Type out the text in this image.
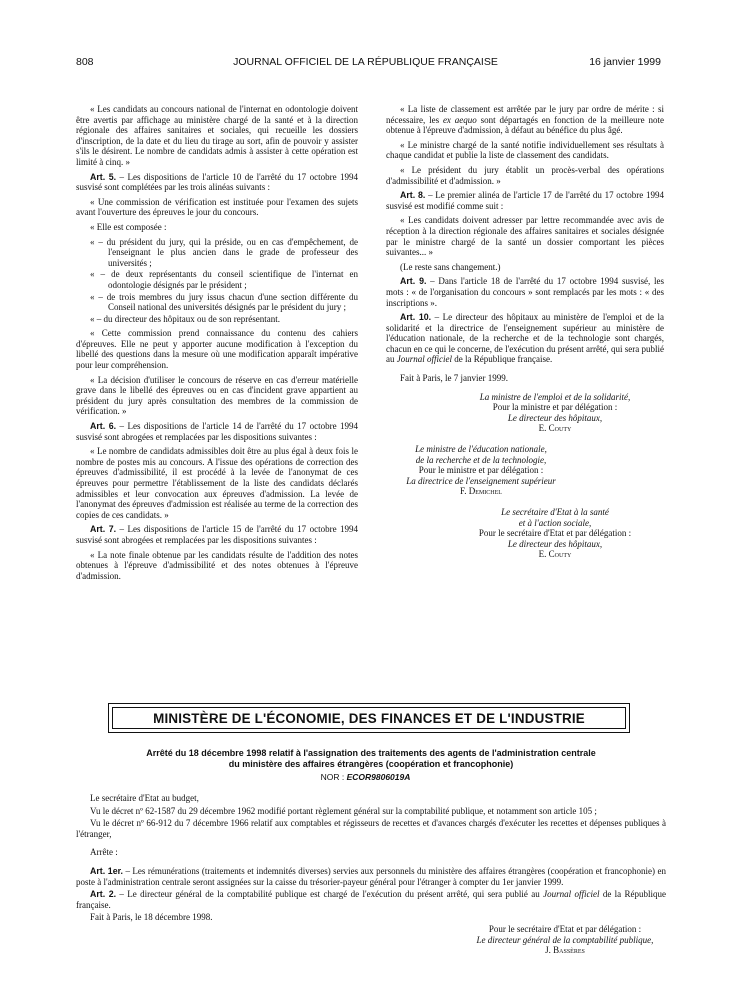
808	JOURNAL OFFICIEL DE LA RÉPUBLIQUE FRANÇAISE	16 janvier 1999

« Les candidats au concours national de l'internat en odontologie doivent être avertis par affichage au ministère chargé de la santé et à la direction régionale des affaires sanitaires et sociales, qui recueille les dossiers d'inscription, de la date et du lieu du tirage au sort, afin de pouvoir y assister s'ils le désirent. Le nombre de candidats admis à assister à cette opération est limité à cinq. »

Art. 5. – Les dispositions de l'article 10 de l'arrêté du 17 octobre 1994 susvisé sont complétées par les trois alinéas suivants :

« Une commission de vérification est instituée pour l'examen des sujets avant l'ouverture des épreuves le jour du concours.

« Elle est composée :

« – du président du jury, qui la préside, ou en cas d'empêchement, de l'enseignant le plus ancien dans le grade de professeur des universités ;
« – de deux représentants du conseil scientifique de l'internat en odontologie désignés par le président ;
« – de trois membres du jury issus chacun d'une section différente du Conseil national des universités désignés par le président du jury ;
« – du directeur des hôpitaux ou de son représentant.

« Cette commission prend connaissance du contenu des cahiers d'épreuves. Elle ne peut y apporter aucune modification à l'exception du libellé des questions dans la mesure où une modification apparaît impérative pour leur compréhension.

« La décision d'utiliser le concours de réserve en cas d'erreur matérielle grave dans le libellé des épreuves ou en cas d'incident grave appartient au président du jury après consultation des membres de la commission de vérification. »

Art. 6. – Les dispositions de l'article 14 de l'arrêté du 17 octobre 1994 susvisé sont abrogées et remplacées par les dispositions suivantes :

« Le nombre de candidats admissibles doit être au plus égal à deux fois le nombre de postes mis au concours. A l'issue des opérations de correction des épreuves d'admissibilité, il est procédé à la levée de l'anonymat de ces épreuves pour permettre l'établissement de la liste des candidats déclarés admissibles et leur convocation aux épreuves d'admission. La levée de l'anonymat des épreuves d'admission est réalisée au terme de la correction des copies de ces candidats. »

Art. 7. – Les dispositions de l'article 15 de l'arrêté du 17 octobre 1994 susvisé sont abrogées et remplacées par les dispositions suivantes :

« La note finale obtenue par les candidats résulte de l'addition des notes obtenues à l'épreuve d'admissibilité et des notes obtenues à l'épreuve d'admission.

« La liste de classement est arrêtée par le jury par ordre de mérite : si nécessaire, les ex aequo sont départagés en fonction de la meilleure note obtenue à l'épreuve d'admission, à défaut au bénéfice du plus âgé.

« Le ministre chargé de la santé notifie individuellement ses résultats à chaque candidat et publie la liste de classement des candidats.

« Le président du jury établit un procès-verbal des opérations d'admissibilité et d'admission. »

Art. 8. – Le premier alinéa de l'article 17 de l'arrêté du 17 octobre 1994 susvisé est modifié comme suit :

« Les candidats doivent adresser par lettre recommandée avec avis de réception à la direction régionale des affaires sanitaires et sociales désignée par le ministre chargé de la santé un dossier comportant les pièces suivantes... »

(Le reste sans changement.)

Art. 9. – Dans l'article 18 de l'arrêté du 17 octobre 1994 susvisé, les mots : « de l'organisation du concours » sont remplacés par les mots : « des inscriptions ».

Art. 10. – Le directeur des hôpitaux au ministère de l'emploi et de la solidarité et la directrice de l'enseignement supérieur au ministère de l'éducation nationale, de la recherche et de la technologie sont chargés, chacun en ce qui le concerne, de l'exécution du présent arrêté, qui sera publié au Journal officiel de la République française.

Fait à Paris, le 7 janvier 1999.

La ministre de l'emploi et de la solidarité,
Pour la ministre et par délégation :
Le directeur des hôpitaux,
E. Couty
Le ministre de l'éducation nationale,
de la recherche et de la technologie,
Pour le ministre et par délégation :
La directrice de l'enseignement supérieur
F. Demichel
Le secrétaire d'Etat à la santé
et à l'action sociale,
Pour le secrétaire d'Etat et par délégation :
Le directeur des hôpitaux,
E. Couty
MINISTÈRE DE L'ÉCONOMIE, DES FINANCES ET DE L'INDUSTRIE
Arrêté du 18 décembre 1998 relatif à l'assignation des traitements des agents de l'administration centrale
du ministère des affaires étrangères (coopération et francophonie)
NOR : ECOR9806019A

Le secrétaire d'Etat au budget,

Vu le décret nº 62-1587 du 29 décembre 1962 modifié portant règlement général sur la comptabilité publique, et notamment son article 105 ;

Vu le décret nº 66-912 du 7 décembre 1966 relatif aux comptables et régisseurs de recettes et d'avances chargés d'exécuter les recettes et dépenses publiques à l'étranger,

Arrête :

Art. 1er. – Les rémunérations (traitements et indemnités diverses) servies aux personnels du ministère des affaires étrangères (coopération et francophonie) en poste à l'administration centrale seront assignées sur la caisse du trésorier-payeur général pour l'étranger à compter du 1er janvier 1999.

Art. 2. – Le directeur général de la comptabilité publique est chargé de l'exécution du présent arrêté, qui sera publié au Journal officiel de la République française.

Fait à Paris, le 18 décembre 1998.

Pour le secrétaire d'Etat et par délégation :
Le directeur général de la comptabilité publique,
J. Bassères
